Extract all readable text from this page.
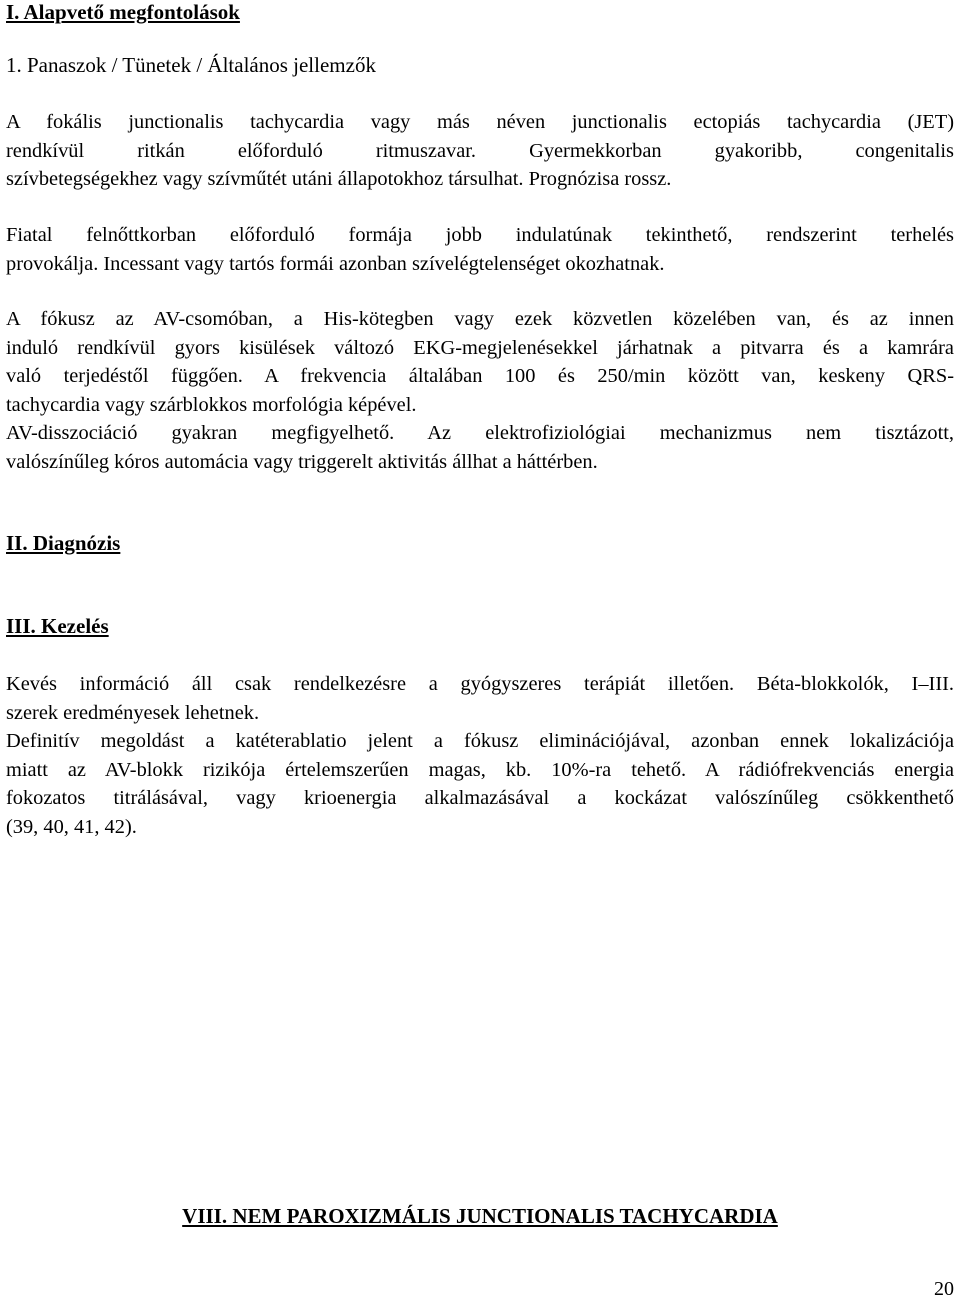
I. Alapvető megfontolások
1. Panaszok / Tünetek / Általános jellemzők
A fokális junctionalis tachycardia vagy más néven junctionalis ectopiás tachycardia (JET)
rendkívül ritkán előforduló ritmuszavar. Gyermekkorban gyakoribb, congenitalis
szívbetegségekhez vagy szívműtét utáni állapotokhoz társulhat. Prognózisa rossz.
Fiatal felnőttkorban előforduló formája jobb indulatúnak tekinthető, rendszerint terhelés
provokálja. Incessant vagy tartós formái azonban szívelégtelenséget okozhatnak.
A fókusz az AV-csomóban, a His-kötegben vagy ezek közvetlen közelében van, és az innen
induló rendkívül gyors kisülések változó EKG-megjelenésekkel járhatnak a pitvarra és a kamrára
való terjedéstől függően. A frekvencia általában 100 és 250/min között van, keskeny QRS-
tachycardia vagy szárblokkos morfológia képével.
AV-disszociáció gyakran megfigyelhető. Az elektrofiziológiai mechanizmus nem tisztázott,
valószínűleg kóros automácia vagy triggerelt aktivitás állhat a háttérben.
II. Diagnózis
III. Kezelés
Kevés információ áll csak rendelkezésre a gyógyszeres terápiát illetően. Béta-blokkolók, I–III.
szerek eredményesek lehetnek.
Definitív megoldást a katéterablatio jelent a fókusz eliminációjával, azonban ennek lokalizációja
miatt az AV-blokk rizikója értelemszerűen magas, kb. 10%-ra tehető. A rádiófrekvenciás energia
fokozatos titrálásával, vagy krioenergia alkalmazásával a kockázat valószínűleg csökkenthető
(39, 40, 41, 42).
VIII. NEM PAROXIZMÁLIS JUNCTIONALIS TACHYCARDIA
20
